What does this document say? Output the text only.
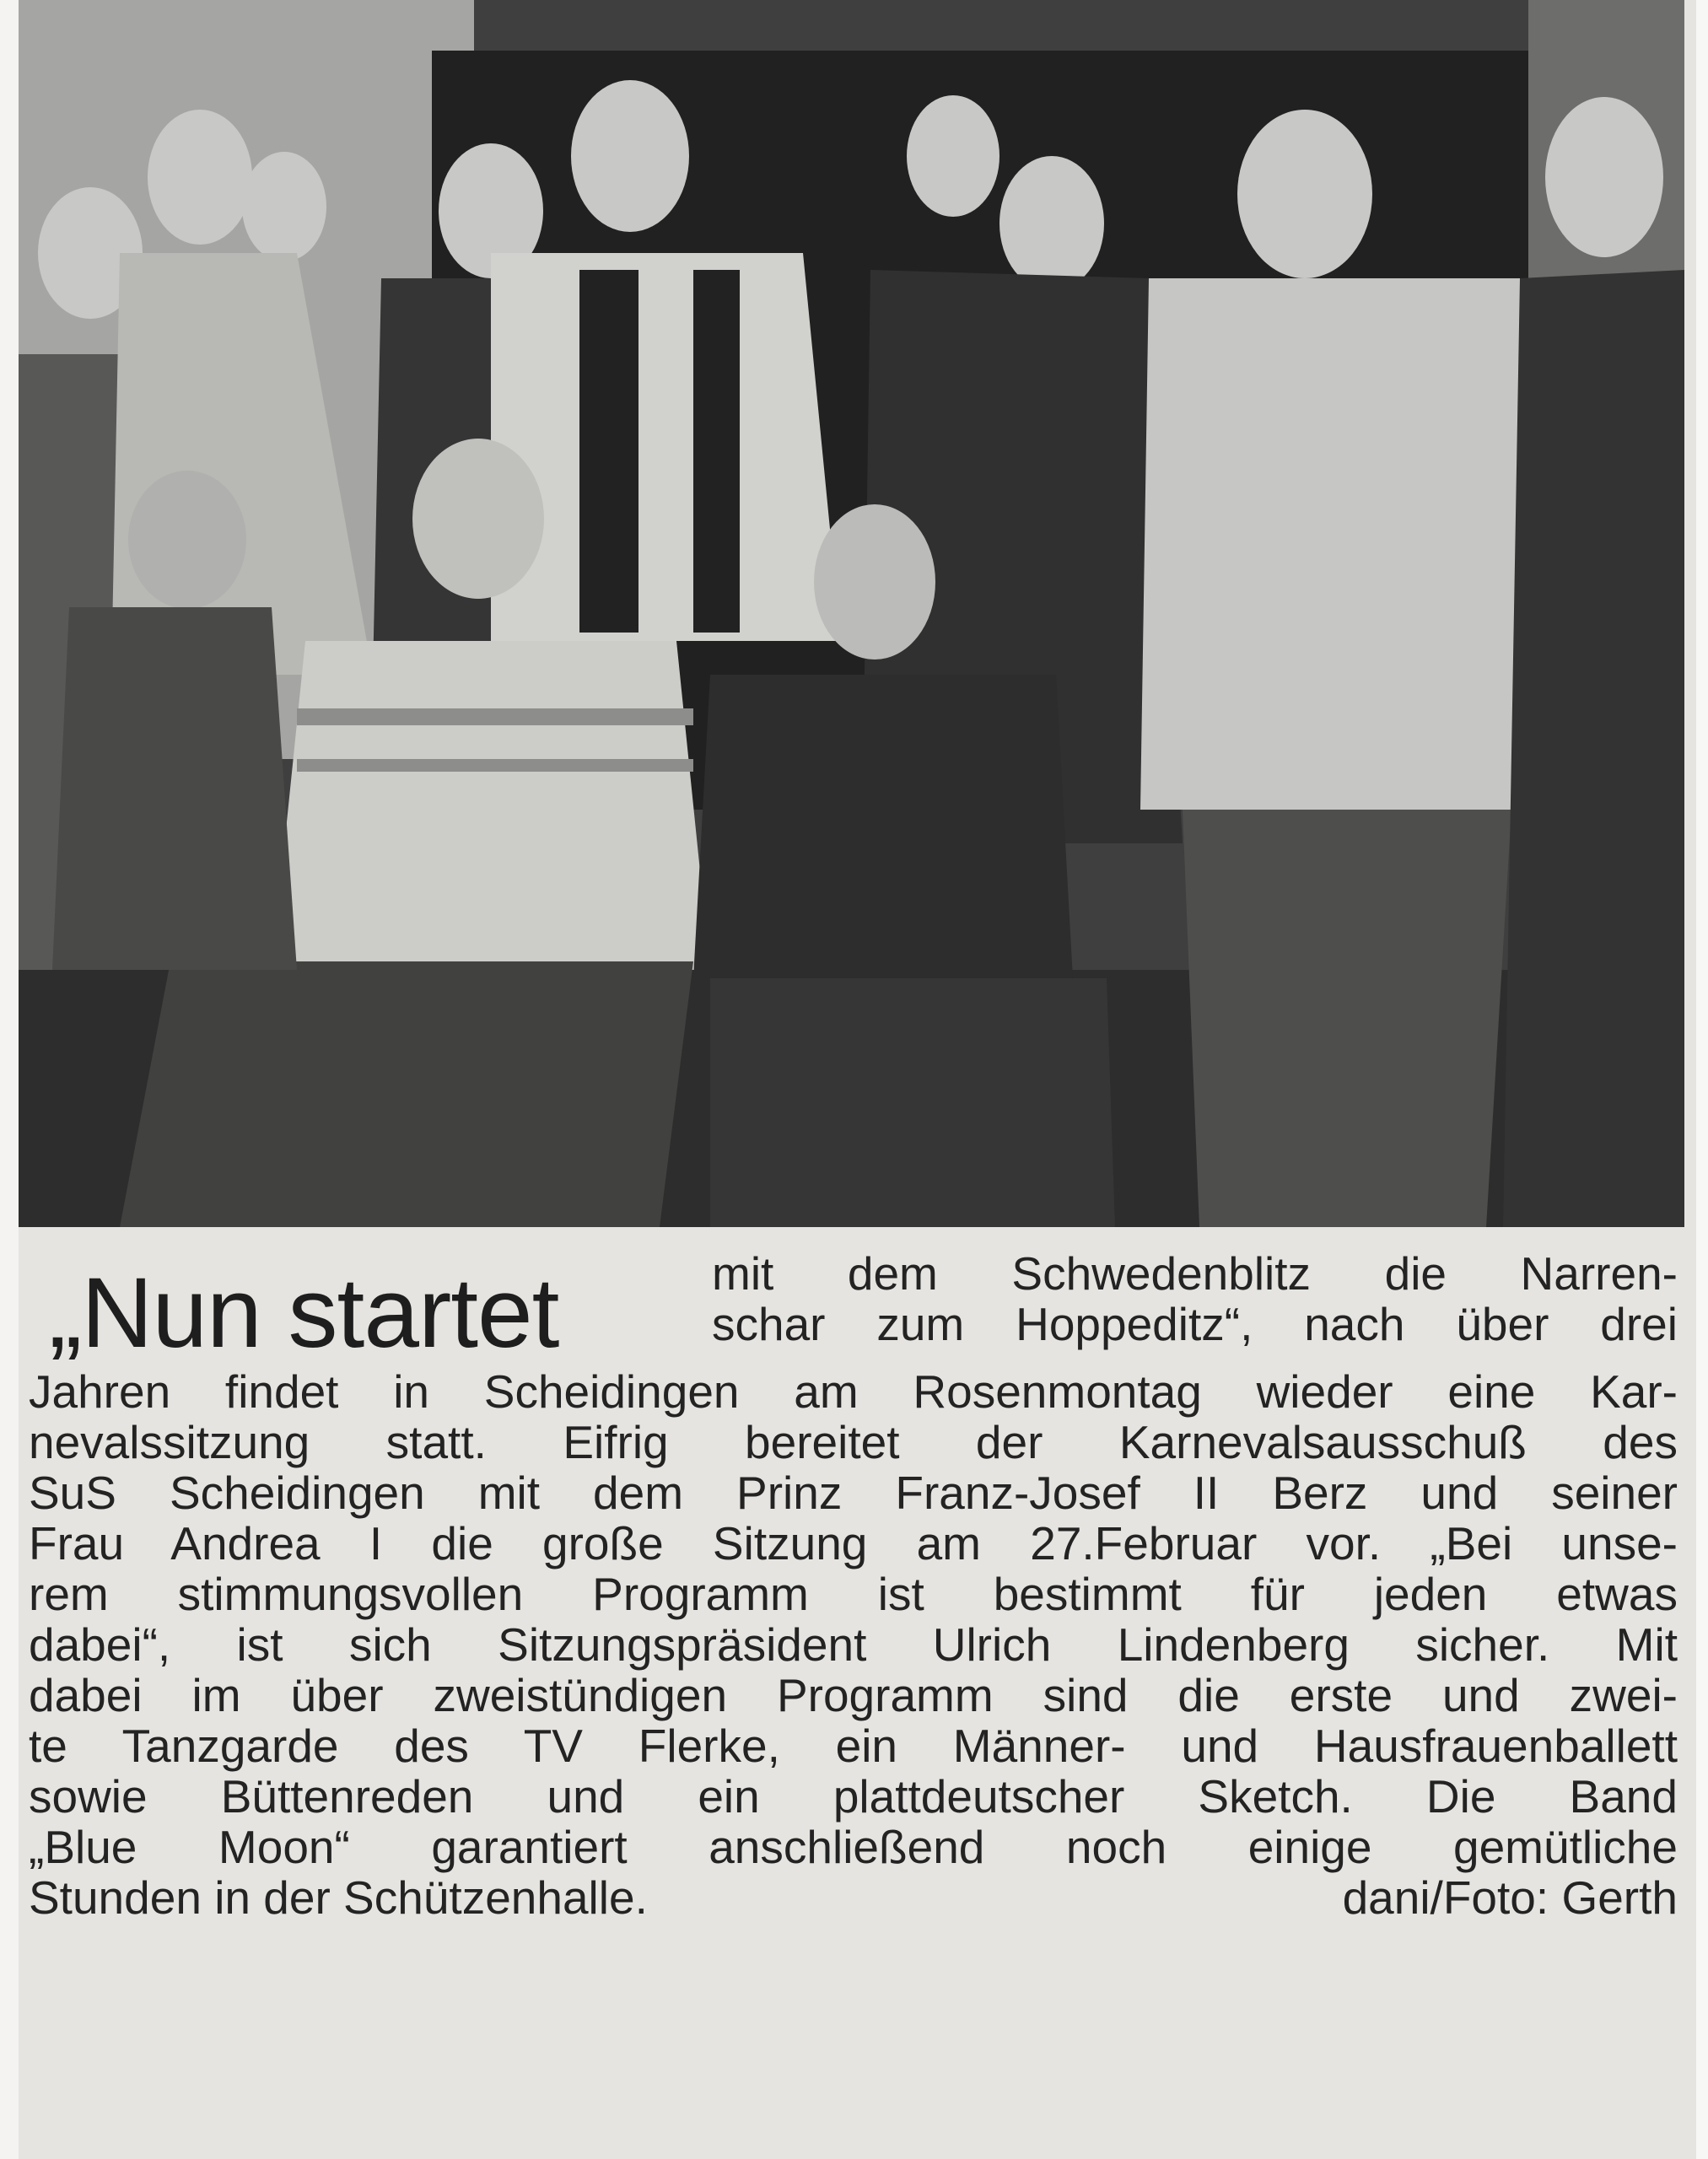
„Nun startet	mit dem Schwedenblitz die Narren-
schar zum Hoppeditz“, nach über drei
Jahren findet in Scheidingen am Rosenmontag wieder eine Kar-
nevalssitzung statt. Eifrig bereitet der Karnevalsausschuß des
SuS Scheidingen mit dem Prinz Franz-Josef II Berz und seiner
Frau Andrea I die große Sitzung am 27.Februar vor. „Bei unse-
rem stimmungsvollen Programm ist bestimmt für jeden etwas
dabei“, ist sich Sitzungspräsident Ulrich Lindenberg sicher. Mit
dabei im über zweistündigen Programm sind die erste und zwei-
te Tanzgarde des TV Flerke, ein Männer- und Hausfrauenballett
sowie Büttenreden und ein plattdeutscher Sketch. Die Band
„Blue Moon“ garantiert anschließend noch einige gemütliche
Stunden in der Schützenhalle.	dani/Foto: Gerth
